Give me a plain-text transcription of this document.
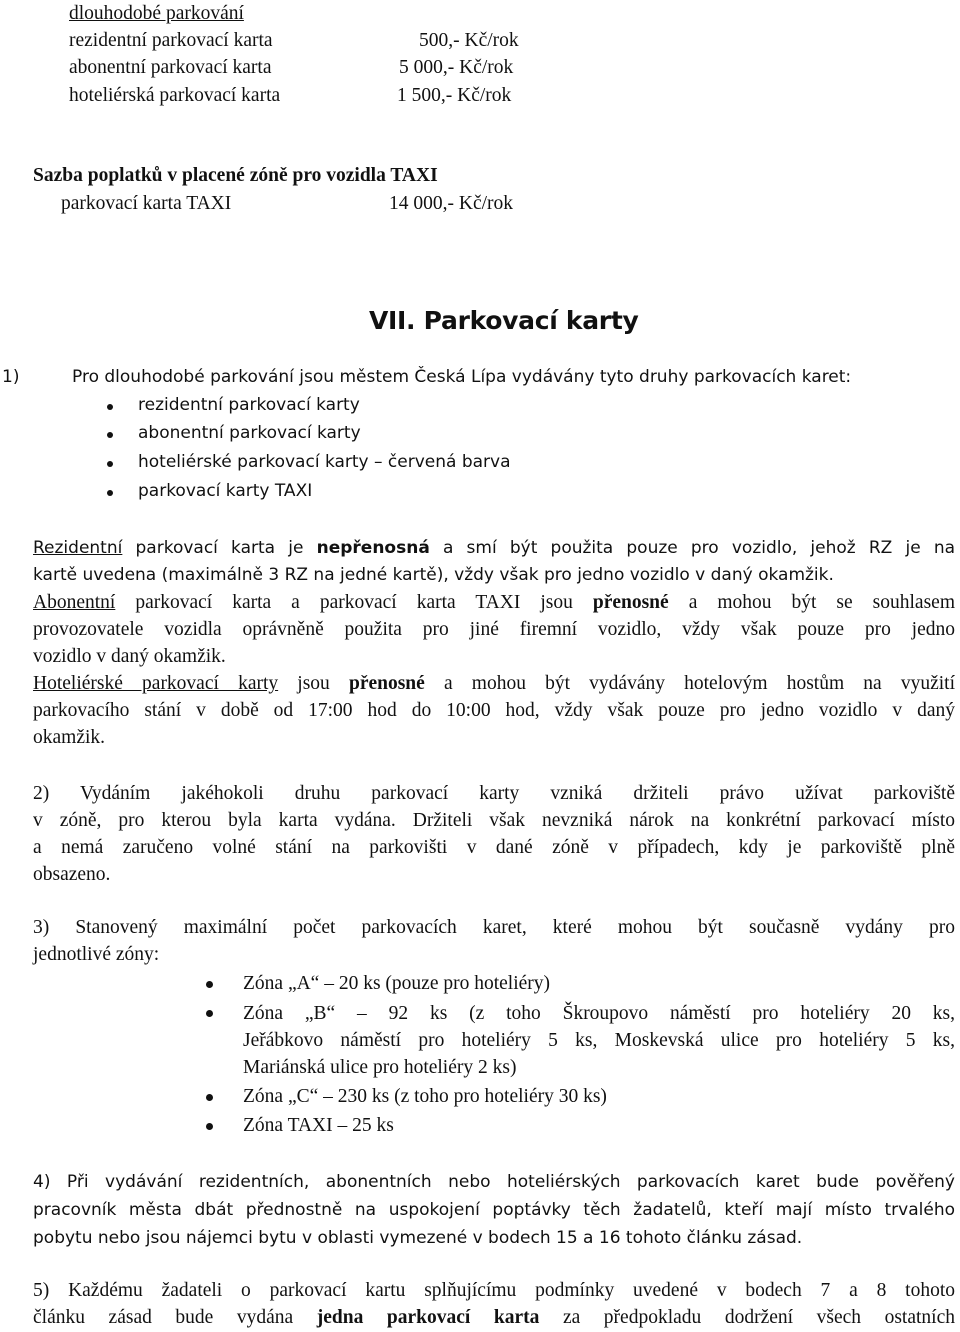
dlouhodobé parkování
rezidentní parkovací karta	500,- Kč/rok
abonentní parkovací karta	5 000,- Kč/rok
hoteliérská parkovací karta	1 500,- Kč/rok
Sazba poplatků v placené zóně pro vozidla TAXI
parkovací karta TAXI	14 000,- Kč/rok
VII. Parkovací karty
1)	Pro dlouhodobé parkování jsou městem Česká Lípa vydávány tyto druhy parkovacích karet:
rezidentní parkovací karty
abonentní parkovací karty
hoteliérské parkovací karty – červená barva
parkovací karty TAXI
Rezidentní parkovací karta je nepřenosná a smí být použita pouze pro vozidlo, jehož RZ je na
kartě uvedena (maximálně 3 RZ na jedné kartě), vždy však pro jedno vozidlo v daný okamžik.
Abonentní parkovací karta a parkovací karta TAXI jsou přenosné a mohou být se souhlasem
provozovatele vozidla oprávněně použita pro jiné firemní vozidlo, vždy však pouze pro jedno
vozidlo v daný okamžik.
Hoteliérské parkovací karty jsou přenosné a mohou být vydávány hotelovým hostům na využití
parkovacího stání v době od 17:00 hod do 10:00 hod, vždy však pouze pro jedno vozidlo v daný
okamžik.
2) Vydáním jakéhokoli druhu parkovací karty vzniká držiteli právo užívat parkoviště
v zóně, pro kterou byla karta vydána. Držiteli však nevzniká nárok na konkrétní parkovací místo
a nemá zaručeno volné stání na parkovišti v dané zóně v případech, kdy je parkoviště plně
obsazeno.
3) Stanovený maximální počet parkovacích karet, které mohou být současně vydány pro
jednotlivé zóny:
Zóna „A“ – 20 ks (pouze pro hoteliéry)
Zóna „B“ – 92 ks (z toho Škroupovo náměstí pro hoteliéry 20 ks,
Jeřábkovo náměstí pro hoteliéry 5 ks, Moskevská ulice pro hoteliéry 5 ks,
Mariánská ulice pro hoteliéry 2 ks)
Zóna „C“ – 230 ks (z toho pro hoteliéry 30 ks)
Zóna TAXI – 25 ks
4) Při vydávání rezidentních, abonentních nebo hoteliérských parkovacích karet bude pověřený
pracovník města dbát přednostně na uspokojení poptávky těch žadatelů, kteří mají místo trvalého
pobytu nebo jsou nájemci bytu v oblasti vymezené v bodech 15 a 16 tohoto článku zásad.
5) Každému žadateli o parkovací kartu splňujícímu podmínky uvedené v bodech 7 a 8 tohoto
článku zásad bude vydána jedna parkovací karta za předpokladu dodržení všech ostatních
